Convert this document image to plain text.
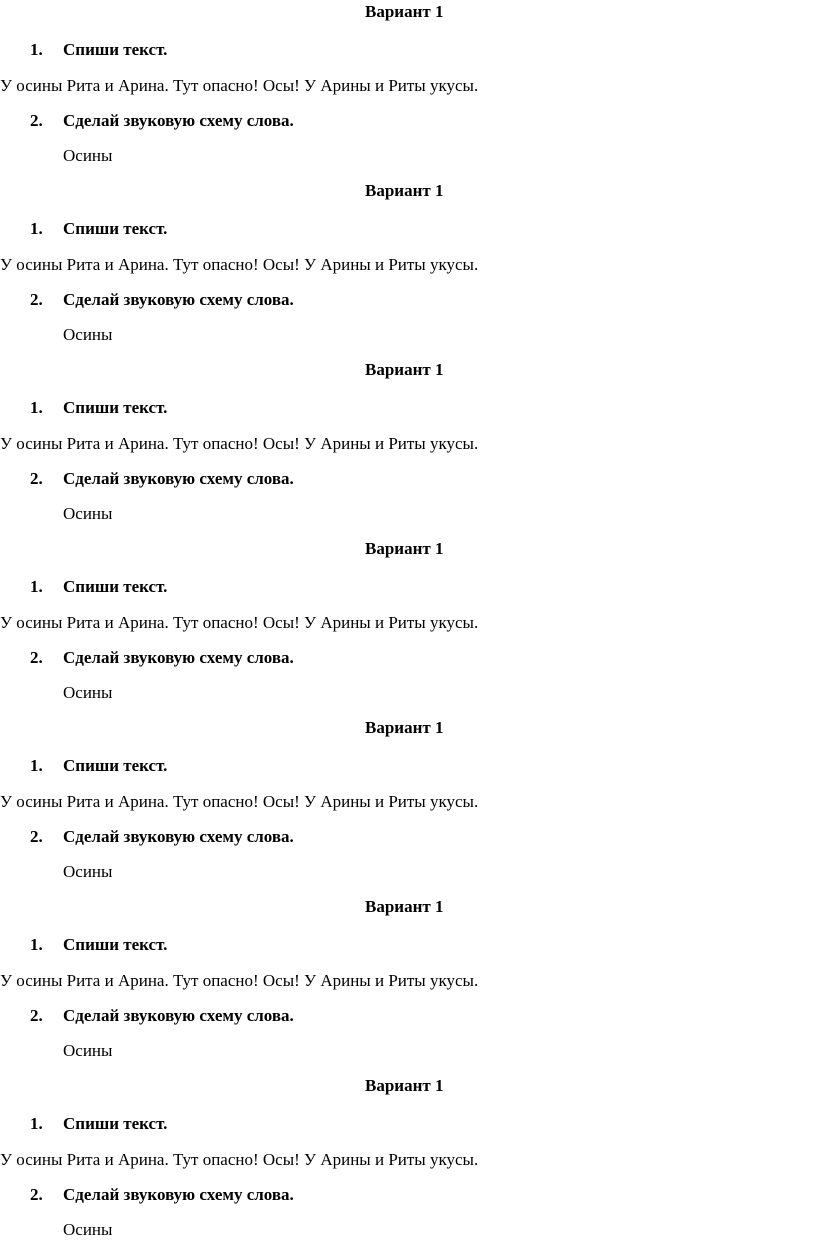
Вариант 1
1. Спиши текст.
У осины Рита и Арина. Тут опасно! Осы! У Арины и Риты укусы.
2. Сделай звуковую схему слова.
Осины
Вариант 1
1. Спиши текст.
У осины Рита и Арина. Тут опасно! Осы! У Арины и Риты укусы.
2. Сделай звуковую схему слова.
Осины
Вариант 1
1. Спиши текст.
У осины Рита и Арина. Тут опасно! Осы! У Арины и Риты укусы.
2. Сделай звуковую схему слова.
Осины
Вариант 1
1. Спиши текст.
У осины Рита и Арина. Тут опасно! Осы! У Арины и Риты укусы.
2. Сделай звуковую схему слова.
Осины
Вариант 1
1. Спиши текст.
У осины Рита и Арина. Тут опасно! Осы! У Арины и Риты укусы.
2. Сделай звуковую схему слова.
Осины
Вариант 1
1. Спиши текст.
У осины Рита и Арина. Тут опасно! Осы! У Арины и Риты укусы.
2. Сделай звуковую схему слова.
Осины
Вариант 1
1. Спиши текст.
У осины Рита и Арина. Тут опасно! Осы! У Арины и Риты укусы.
2. Сделай звуковую схему слова.
Осины
